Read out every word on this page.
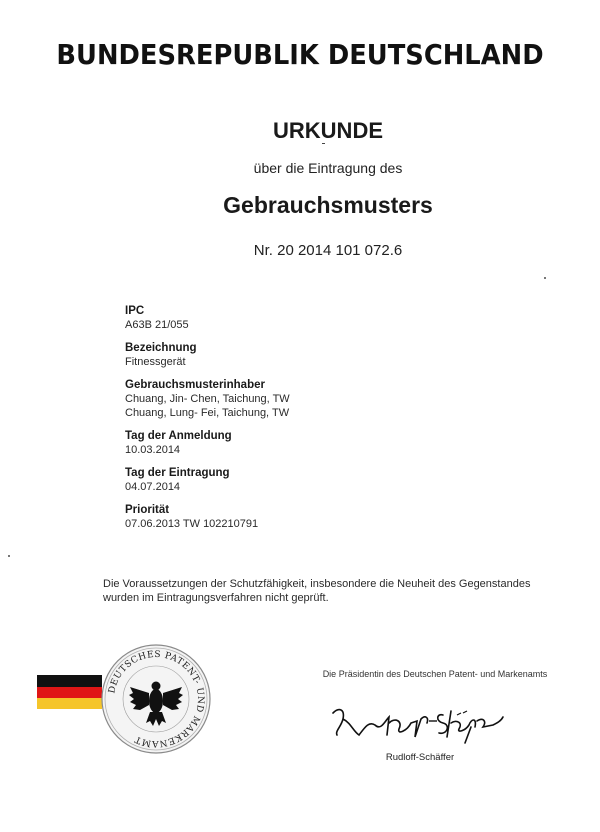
BUNDESREPUBLIK DEUTSCHLAND
URKUNDE
über die Eintragung des
Gebrauchsmusters
Nr. 20 2014 101 072.6
IPC
A63B 21/055
Bezeichnung
Fitnessgerät
Gebrauchsmusterinhaber
Chuang, Jin- Chen, Taichung, TW
Chuang, Lung- Fei, Taichung, TW
Tag der Anmeldung
10.03.2014
Tag der Eintragung
04.07.2014
Priorität
07.06.2013 TW 102210791
Die Voraussetzungen der Schutzfähigkeit, insbesondere die Neuheit des Gegenstandes
wurden im Eintragungsverfahren nicht geprüft.
DEUTSCHES PATENT- UND MARKENAMT
Die Präsidentin des Deutschen Patent- und Markenamts
Rudloff-Schäffer
